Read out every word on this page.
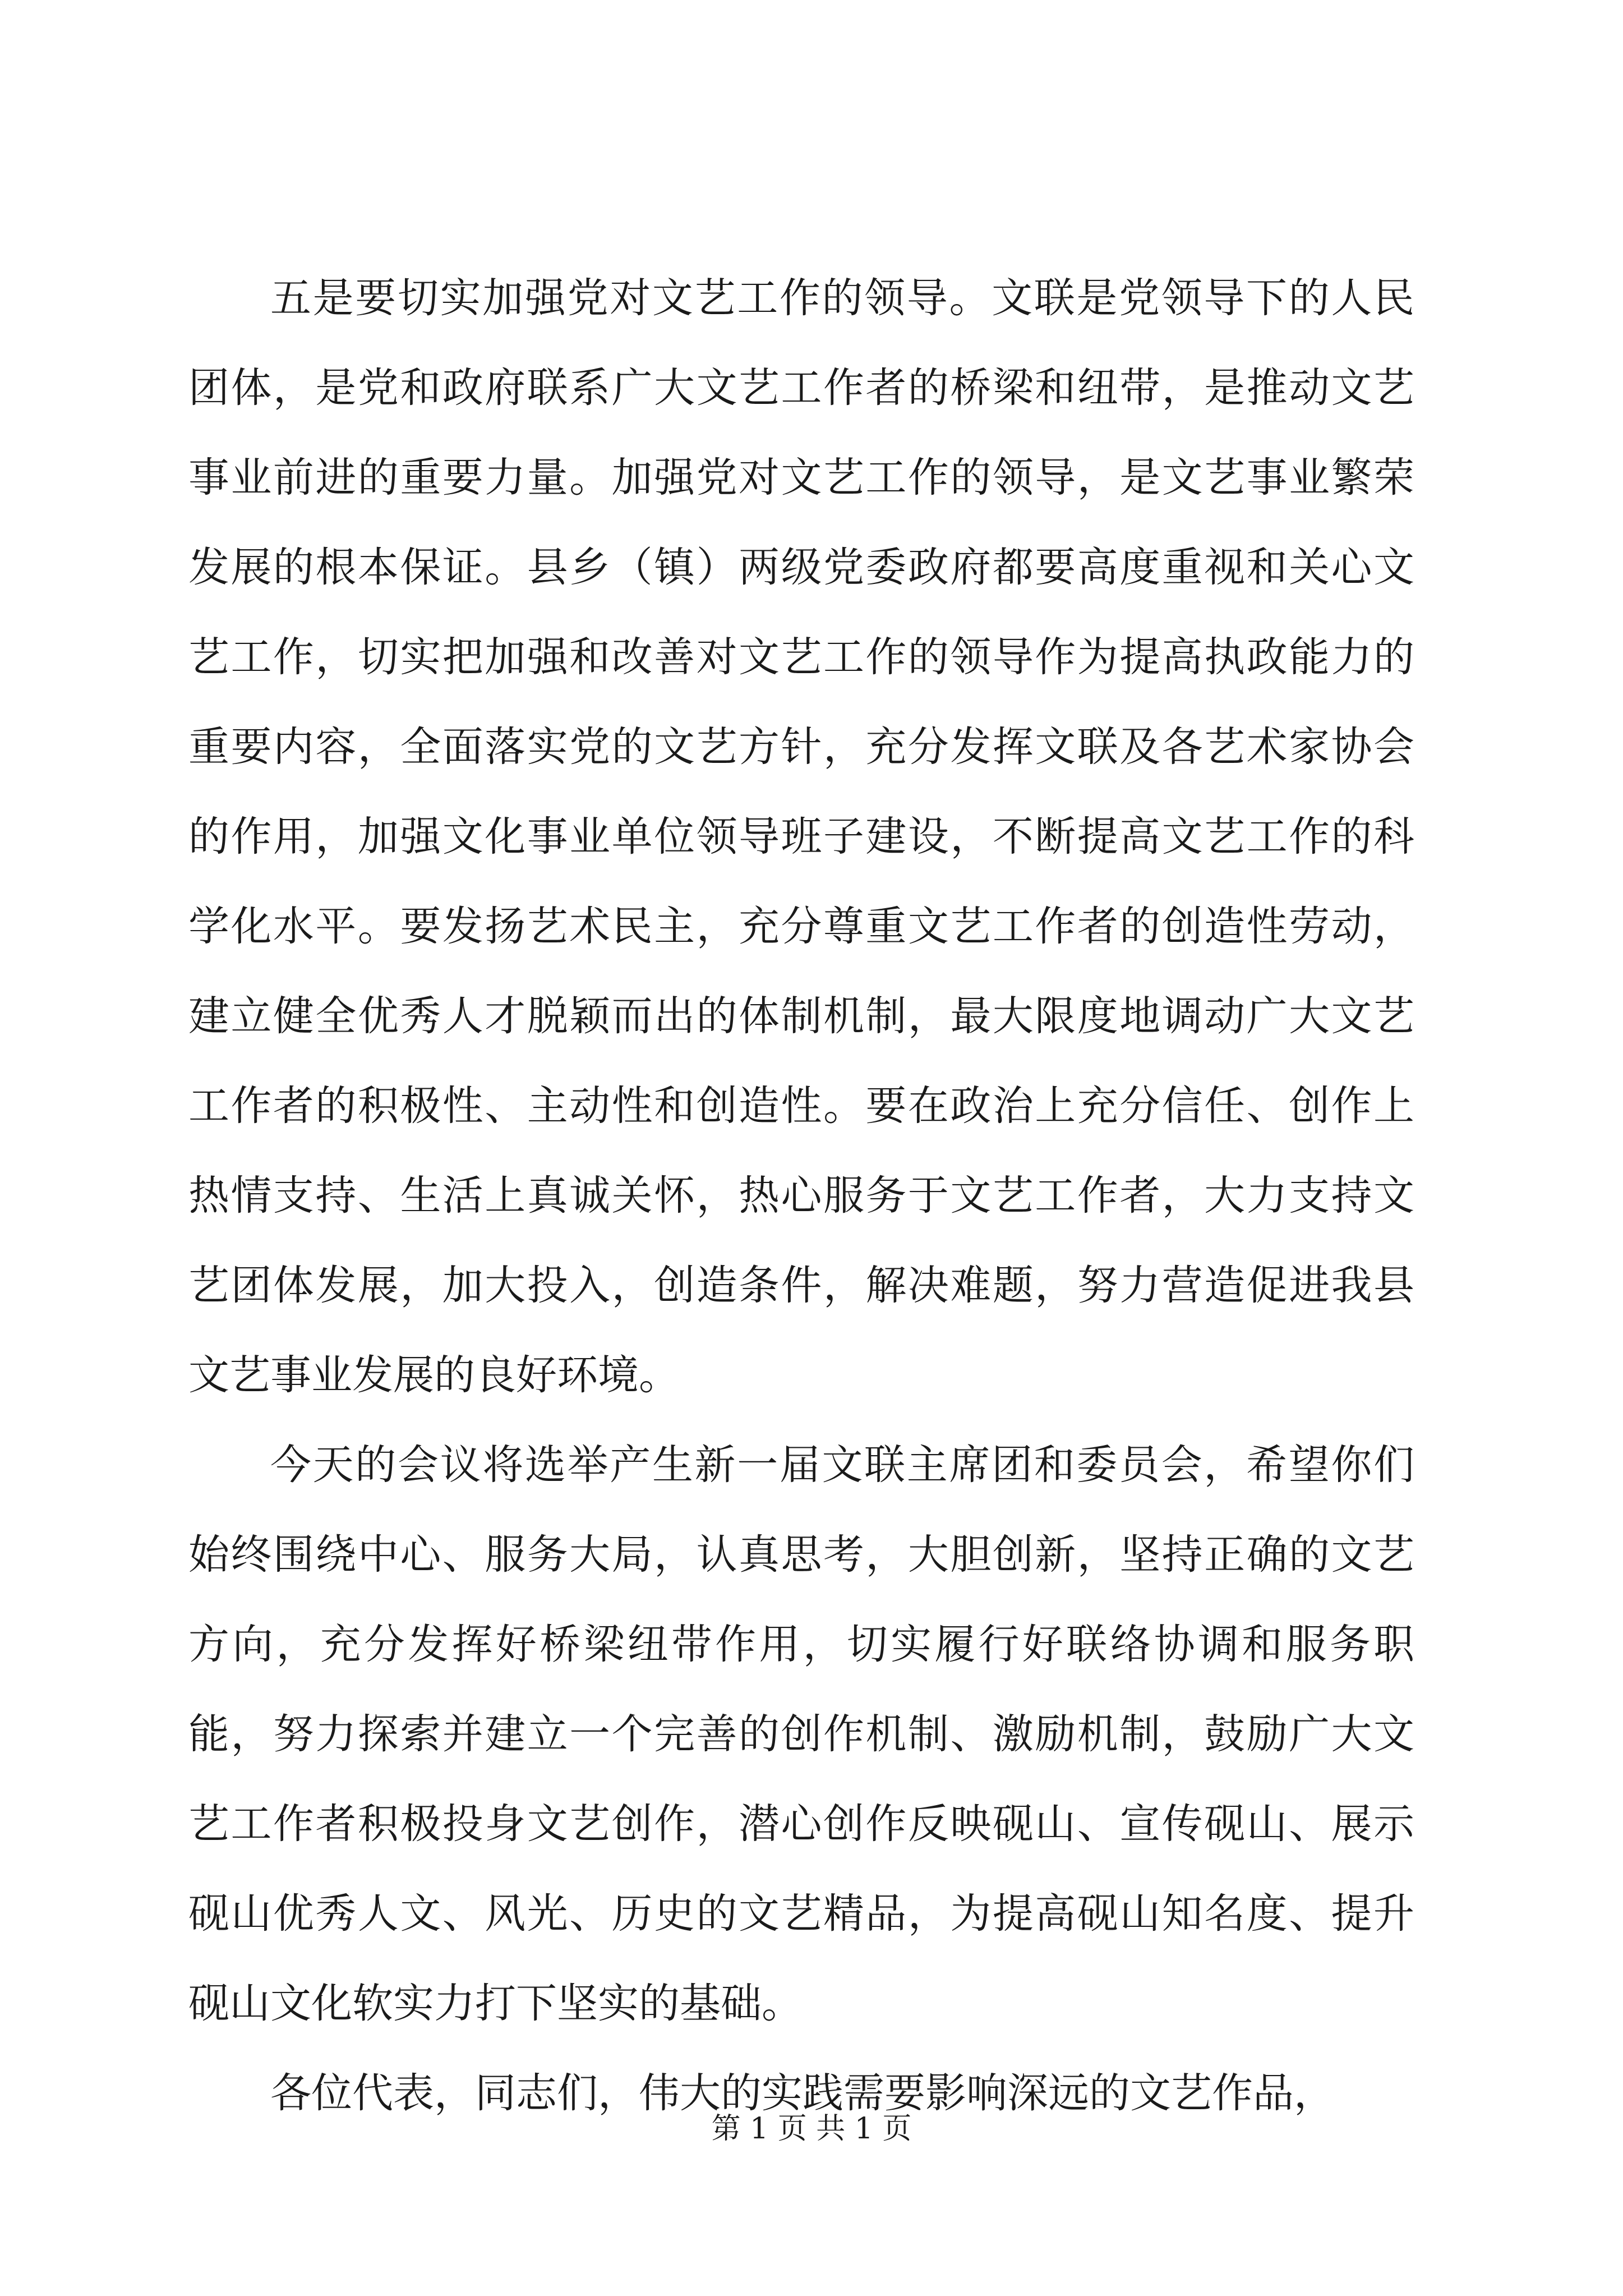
五是要切实加强党对文艺工作的领导。文联是党领导下的人民团体，是党和政府联系广大文艺工作者的桥梁和纽带，是推动文艺事业前进的重要力量。加强党对文艺工作的领导，是文艺事业繁荣发展的根本保证。县乡（镇）两级党委政府都要高度重视和关心文艺工作，切实把加强和改善对文艺工作的领导作为提高执政能力的重要内容，全面落实党的文艺方针，充分发挥文联及各艺术家协会的作用，加强文化事业单位领导班子建设，不断提高文艺工作的科学化水平。要发扬艺术民主，充分尊重文艺工作者的创造性劳动，建立健全优秀人才脱颖而出的体制机制，最大限度地调动广大文艺工作者的积极性、主动性和创造性。要在政治上充分信任、创作上热情支持、生活上真诚关怀，热心服务于文艺工作者，大力支持文艺团体发展，加大投入，创造条件，解决难题，努力营造促进我县文艺事业发展的良好环境。

今天的会议将选举产生新一届文联主席团和委员会，希望你们始终围绕中心、服务大局，认真思考，大胆创新，坚持正确的文艺方向，充分发挥好桥梁纽带作用，切实履行好联络协调和服务职能，努力探索并建立一个完善的创作机制、激励机制，鼓励广大文艺工作者积极投身文艺创作，潜心创作反映砚山、宣传砚山、展示砚山优秀人文、风光、历史的文艺精品，为提高砚山知名度、提升砚山文化软实力打下坚实的基础。

各位代表，同志们，伟大的实践需要影响深远的文艺作品，

第 1 页 共 1 页
